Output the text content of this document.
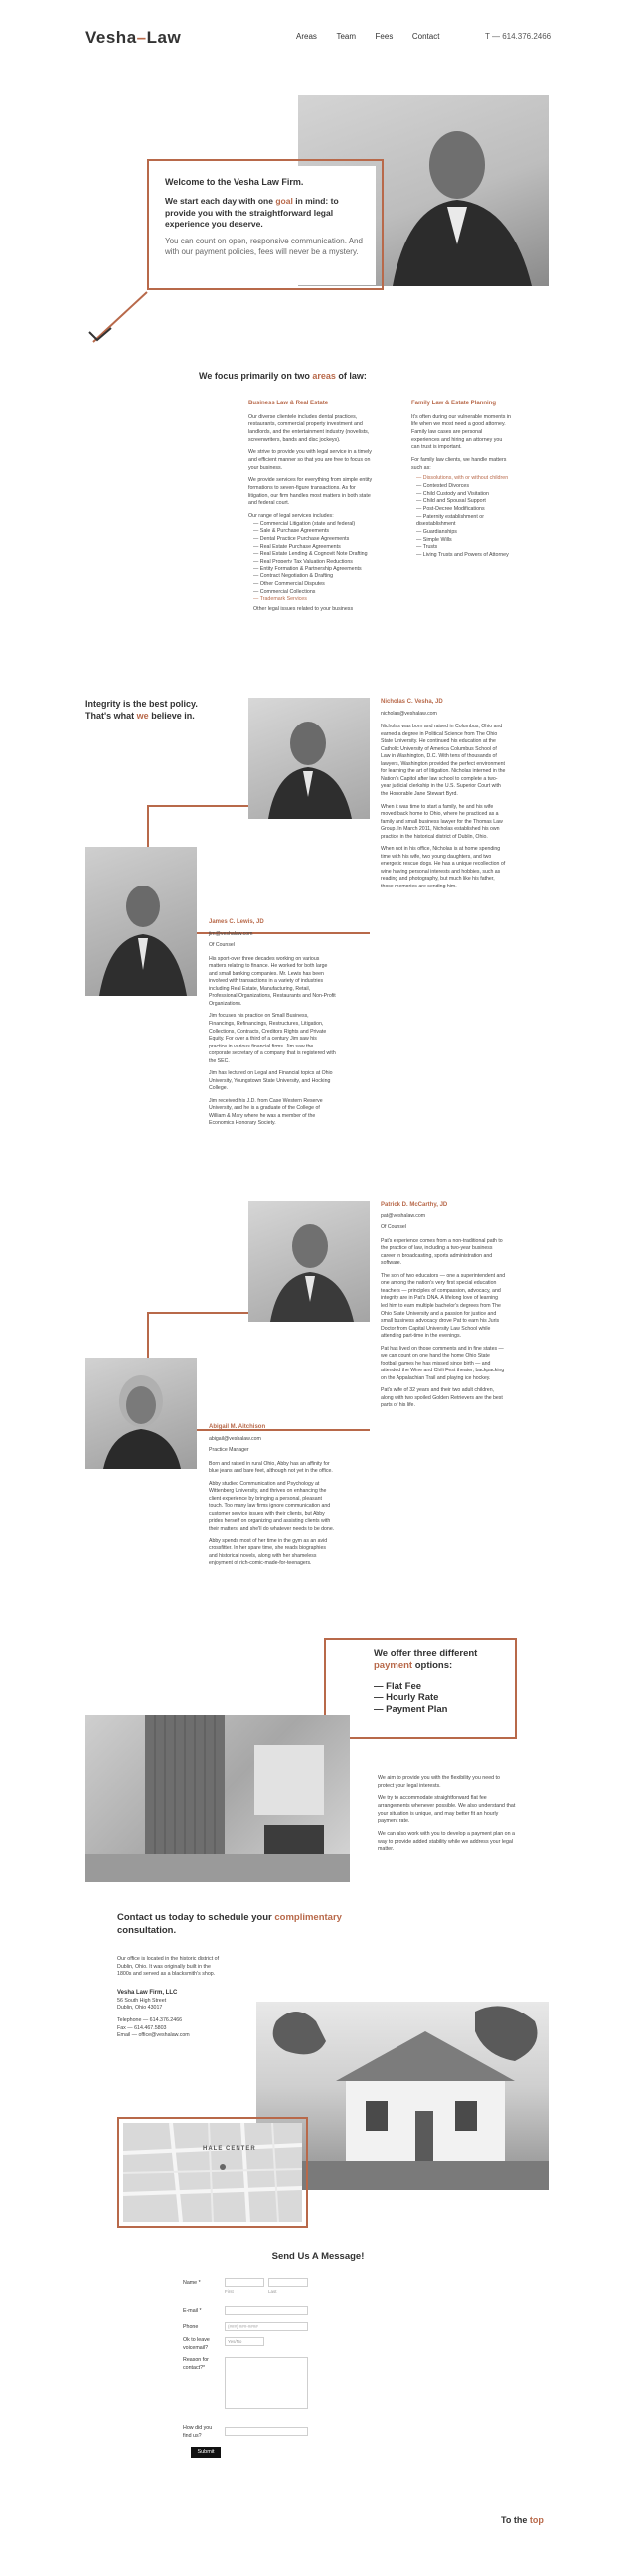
Vesha–Law	Areas Team Fees Contact	T — 614.376.2466
Welcome to the Vesha Law Firm.
We start each day with one goal in mind: to provide you with the straightforward legal experience you deserve.
You can count on open, responsive communication. And with our payment policies, fees will never be a mystery.
We focus primarily on two areas of law:
Business Law & Real Estate

Our diverse clientele includes dental practices, restaurants, commercial property investment and landlords, and the entertainment industry (novelists, screenwriters, bands and disc jockeys).

We strive to provide you with legal service in a timely and efficient manner so that you are free to focus on your business.

We provide services for everything from simple entity formations to seven-figure transactions. As for litigation, our firm handles most matters in both state and federal court.

Our range of legal services includes:
— Commercial Litigation (state and federal)
— Sale & Purchase Agreements
— Dental Practice Purchase Agreements
— Real Estate Purchase Agreements
— Real Estate Lending & Cognovit Note Drafting
— Real Property Tax Valuation Reductions
— Entity Formation & Partnership Agreements
— Contract Negotiation & Drafting
— Other Commercial Disputes
— Commercial Collections
— Trademark Services
Other legal issues related to your business
Family Law & Estate Planning

It's often during our vulnerable moments in life when we most need a good attorney. Family law cases are personal experiences and hiring an attorney you can trust is important.

For family law clients, we handle matters such as:
— Dissolutions, with or without children
— Contested Divorces
— Child Custody and Visitation
— Child and Spousal Support
— Post-Decree Modifications
— Paternity establishment or disestablishment
— Guardianships
— Simple Wills
— Trusts
— Living Trusts and Powers of Attorney
Integrity is the best policy.
That's what we believe in.
Nicholas C. Vesha, JD
nicholas@veshalaw.com

Nicholas was born and raised in Columbus, Ohio and earned a degree in Political Science from The Ohio State University. He continued his education at the Catholic University of America Columbus School of Law in Washington, D.C. With tens of thousands of lawyers, Washington provided the perfect environment for learning the art of litigation. Nicholas interned in the Nation's Capitol after law school to complete a two-year judicial clerkship in the U.S. Superior Court with the Honorable Jane Stewart Byrd.

When it was time to start a family, he and his wife moved back home to Ohio, where he practiced as a family and small business lawyer for the Thomas Law Group. In March 2011, Nicholas established his own practice in the historical district of Dublin, Ohio.

When not in his office, Nicholas is at home spending time with his wife, two young daughters, and two energetic rescue dogs. He has a unique recollection of wine having personal interests and hobbies, such as reading and photography, but much like his father, those memories are sending him.

James C. Lewis, JD
jim@veshalaw.com
Of Counsel

His sport-over three decades working on various matters relating to finance. He worked for both large and small banking companies. Mr. Lewis has been involved with transactions in a variety of industries including Real Estate, Manufacturing, Retail, Professional Organizations, Restaurants and Non-Profit Organizations.

Jim focuses his practice on Small Business, Financings, Refinancings, Restructures, Litigation, Collections, Contracts, Creditors Rights and Private Equity. For over a third of a century Jim saw his practice in various financial firms. Jim saw the corporate secretary of a company that is registered with the SEC.

Jim has lectured on Legal and Financial topics at Ohio University, Youngstown State University, and Hocking College.

Jim received his J.D. from Case Western Reserve University, and he is a graduate of the College of William & Mary where he was a member of the Economics Honorary Society.

Patrick D. McCarthy, JD
pat@veshalaw.com
Of Counsel

Pat's experience comes from a non-traditional path to the practice of law, including a two-year business career in broadcasting, sports administration and software.

The son of two educators — one a superintendent and one among the nation's very first special education teachers — principles of compassion, advocacy, and integrity are in Pat's DNA. A lifelong love of learning led him to earn multiple bachelor's degrees from The Ohio State University and a passion for justice and small business advocacy drove Pat to earn his Juris Doctor from Capital University Law School while attending part-time in the evenings.

Pat has lived on those comments and in fine states — we can count on one hand the home Ohio State football games he has missed since birth — and attended the Wine and Chili Fest theater, backpacking on the Appalachian Trail and playing ice hockey.

Pat's wife of 32 years and their two adult children, along with two spoiled Golden Retrievers are the best parts of his life.

Abigail M. Aitchison
abigail@veshalaw.com
Practice Manager

Born and raised in rural Ohio, Abby has an affinity for blue jeans and bare feet, although not yet in the office.

Abby studied Communication and Psychology at Wittenberg University, and thrives on enhancing the client experience by bringing a personal, pleasant touch. Too many law firms ignore communication and customer service issues with their clients, but Abby prides herself on organizing and assisting clients with their matters, and she'll do whatever needs to be done.

Abby spends most of her time in the gym as an avid crossfitter. In her spare time, she reads biographies and historical novels, along with her shameless enjoyment of rich-comic-made-for-teenagers.

We offer three different payment options:
— Flat Fee
— Hourly Rate
— Payment Plan

We aim to provide you with the flexibility you need to protect your legal interests.

We try to accommodate straightforward flat fee arrangements whenever possible. We also understand that your situation is unique, and may better fit an hourly payment rate.

We can also work with you to develop a payment plan on a way to provide added stability while we address your legal matter.

Contact us today to schedule your complimentary consultation.

Our office is located in the historic district of Dublin, Ohio. It was originally built in the 1800s and served as a blacksmith's shop.

Vesha Law Firm, LLC
56 South High Street
Dublin, Ohio 43017
Telephone — 614.376.2466
Fax — 614.467.5803
Email — office@veshalaw.com
HALE CENTER
Send Us A Message!
Name *
First	Last
E-mail *
Phone	(###) ###-####
Ok to leave voicemail?
Yes/No
Reason for contact?*
How did you find us?
Submit
To the top
